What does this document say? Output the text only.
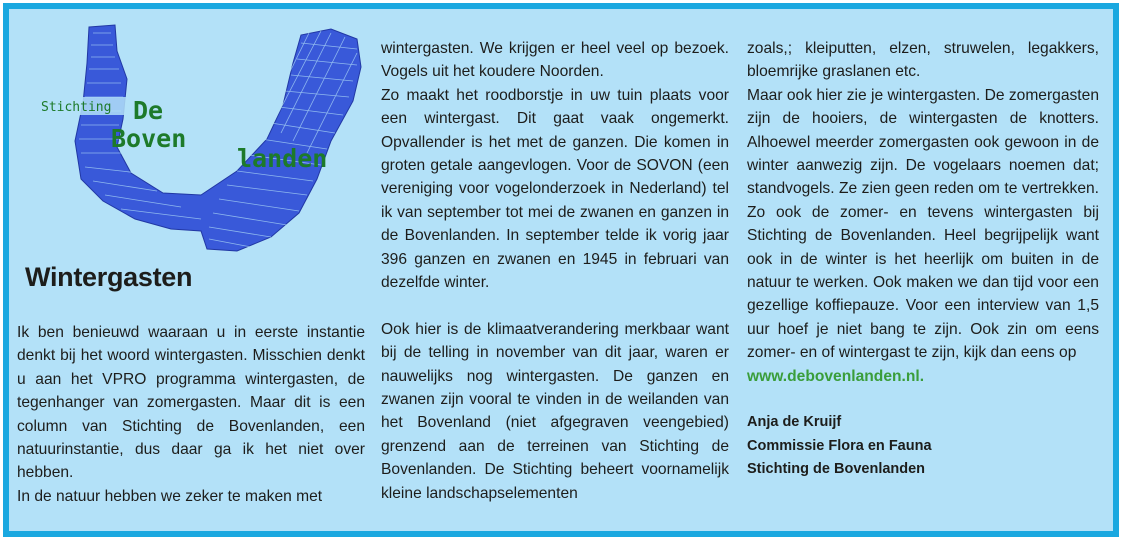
Stichting De
Boven
landen
Wintergasten

Ik ben benieuwd waaraan u in eerste instantie denkt bij het woord wintergasten. Misschien denkt u aan het VPRO programma wintergasten, de tegenhanger van zomergasten. Maar dit is een column van Stichting de Bovenlanden, een natuurinstantie, dus daar ga ik het niet over hebben.

In de natuur hebben we zeker te maken met

wintergasten. We krijgen er heel veel op bezoek. Vogels uit het koudere Noorden.

Zo maakt het roodborstje in uw tuin plaats voor een wintergast. Dit gaat vaak ongemerkt. Opvallender is het met de ganzen. Die komen in groten getale aangevlogen. Voor de SOVON (een vereniging voor vogelonderzoek in Nederland) tel ik van september tot mei de zwanen en ganzen in de Bovenlanden. In september telde ik vorig jaar 396 ganzen en zwanen en 1945 in februari van dezelfde winter.

Ook hier is de klimaatverandering merkbaar want bij de telling in november van dit jaar, waren er nauwelijks nog wintergasten. De ganzen en zwanen zijn vooral te vinden in de weilanden van het Bovenland (niet afgegraven veengebied) grenzend aan de terreinen van Stichting de Bovenlanden. De Stichting beheert voornamelijk kleine landschapselementen

zoals,; kleiputten, elzen, struwelen, legakkers, bloemrijke graslanen etc.

Maar ook hier zie je wintergasten. De zomergasten zijn de hooiers, de wintergasten de knotters. Alhoewel meerder zomergasten ook gewoon in de winter aanwezig zijn. De vogelaars noemen dat; standvogels. Ze zien geen reden om te vertrekken. Zo ook de zomer- en tevens wintergasten bij Stichting de Bovenlanden. Heel begrijpelijk want ook in de winter is het heerlijk om buiten in de natuur te werken. Ook maken we dan tijd voor een gezellige koffiepauze. Voor een interview van 1,5 uur hoef je niet bang te zijn. Ook zin om eens zomer- en of wintergast te zijn, kijk dan eens op

www.debovenlanden.nl.

Anja de Kruijf

Commissie Flora en Fauna

Stichting de Bovenlanden
